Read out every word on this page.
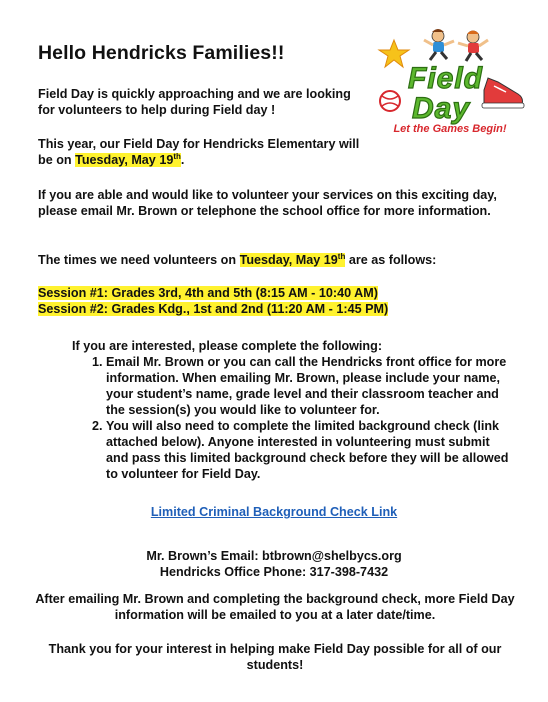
Hello Hendricks Families!!

Field Day is quickly approaching and we are looking for volunteers to help during Field day !

This year, our Field Day for Hendricks Elementary will be on Tuesday, May 19th.

If you are able and would like to volunteer your services on this exciting day, please email Mr. Brown or telephone the school office for more information.

The times we need volunteers on Tuesday, May 19th are as follows:

Session #1: Grades 3rd, 4th and 5th (8:15 AM - 10:40 AM)
Session #2: Grades Kdg., 1st and 2nd (11:20 AM - 1:45 PM)

If you are interested, please complete the following:

1. Email Mr. Brown or you can call the Hendricks front office for more information. When emailing Mr. Brown, please include your name, your student’s name, grade level and their classroom teacher and the session(s) you would like to volunteer for.
2. You will also need to complete the limited background check (link attached below). Anyone interested in volunteering must submit and pass this limited background check before they will be allowed to volunteer for Field Day.
Limited Criminal Background Check Link
Mr. Brown’s Email: btbrown@shelbycs.org
Hendricks Office Phone: 317-398-7432

After emailing Mr. Brown and completing the background check, more Field Day information will be emailed to you at a later date/time.

Thank you for your interest in helping make Field Day possible for all of our students!

Field
Day
Let the Games Begin!
